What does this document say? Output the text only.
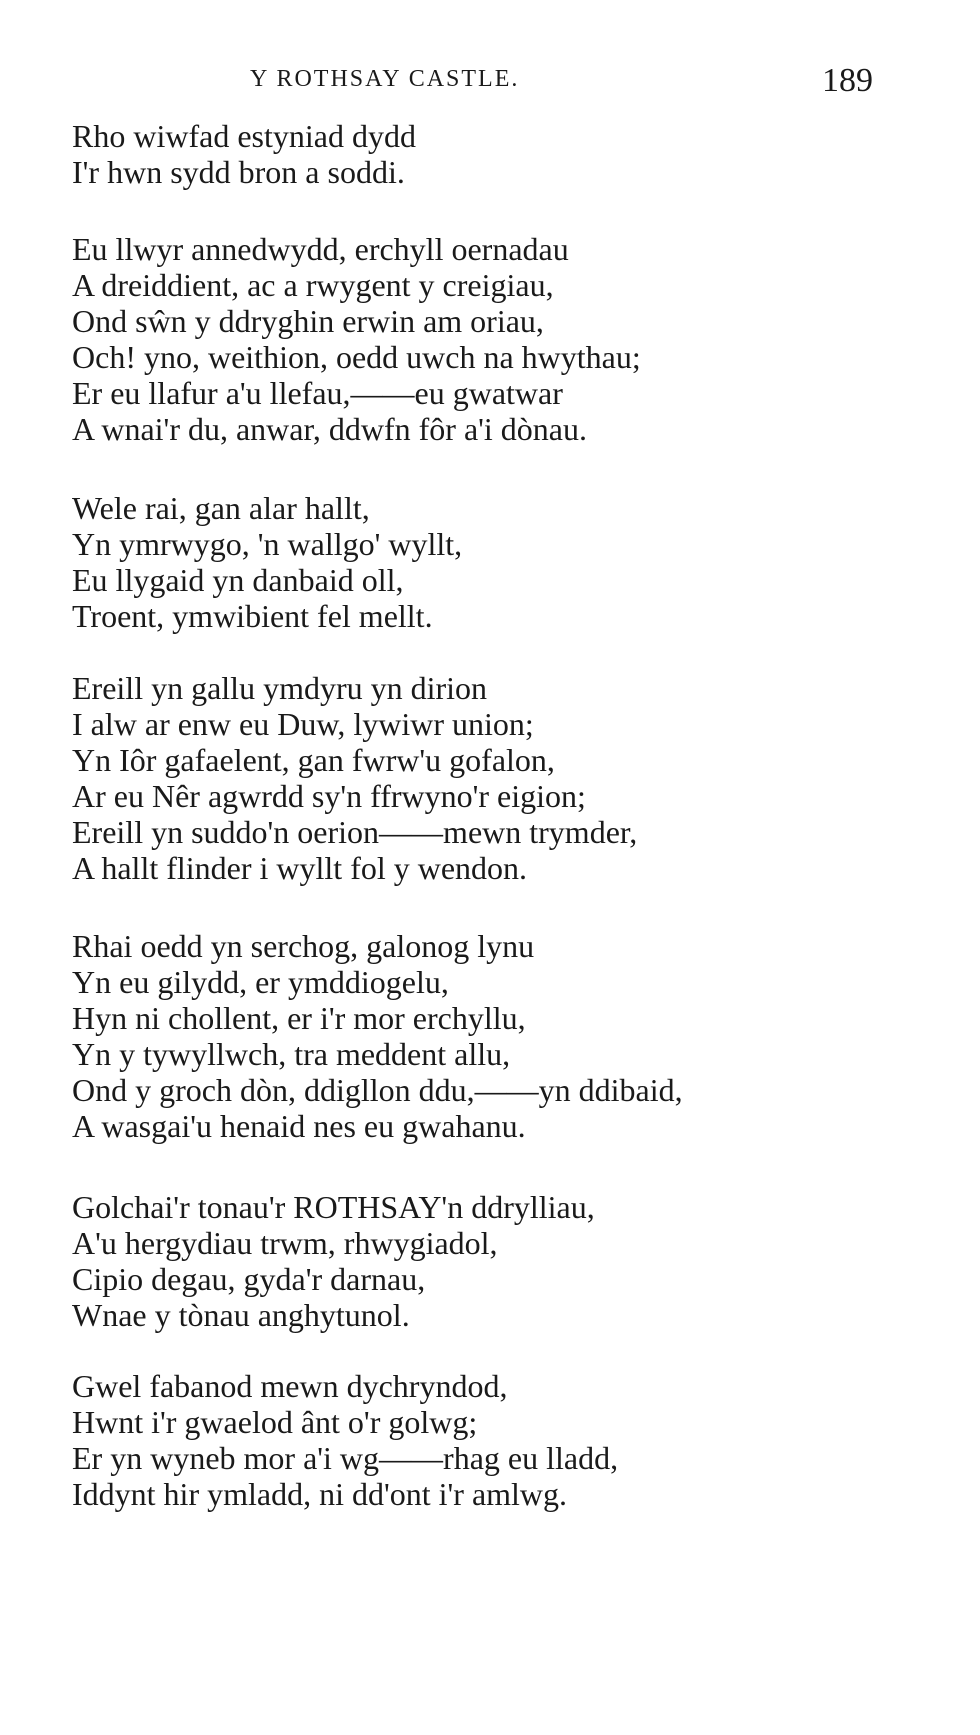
Y ROTHSAY CASTLE.	189
Rho wiwfad estyniad dydd
I'r hwn sydd bron a soddi.
Eu llwyr annedwydd, erchyll oernadau
A dreiddient, ac a rwygent y creigiau,
Ond sŵn y ddryghin erwin am oriau,
Och! yno, weithion, oedd uwch na hwythau;
Er eu llafur a'u llefau,——eu gwatwar
A wnai'r du, anwar, ddwfn fôr a'i dònau.
Wele rai, gan alar hallt,
Yn ymrwygo, 'n wallgo' wyllt,
Eu llygaid yn danbaid oll,
Troent, ymwibient fel mellt.
Ereill yn gallu ymdyru yn dirion
I alw ar enw eu Duw, lywiwr union;
Yn Iôr gafaelent, gan fwrw'u gofalon,
Ar eu Nêr agwrdd sy'n ffrwyno'r eigion;
Ereill yn suddo'n oerion——mewn trymder,
A hallt flinder i wyllt fol y wendon.
Rhai oedd yn serchog, galonog lynu
Yn eu gilydd, er ymddiogelu,
Hyn ni chollent, er i'r mor erchyllu,
Yn y tywyllwch, tra meddent allu,
Ond y groch dòn, ddigllon ddu,——yn ddibaid,
A wasgai'u henaid nes eu gwahanu.
Golchai'r tonau'r ROTHSAY'n ddrylliau,
A'u hergydiau trwm, rhwygiadol,
Cipio degau, gyda'r darnau,
Wnae y tònau anghytunol.
Gwel fabanod mewn dychryndod,
Hwnt i'r gwaelod ânt o'r golwg;
Er yn wyneb mor a'i wg——rhag eu lladd,
Iddynt hir ymladd, ni dd'ont i'r amlwg.
